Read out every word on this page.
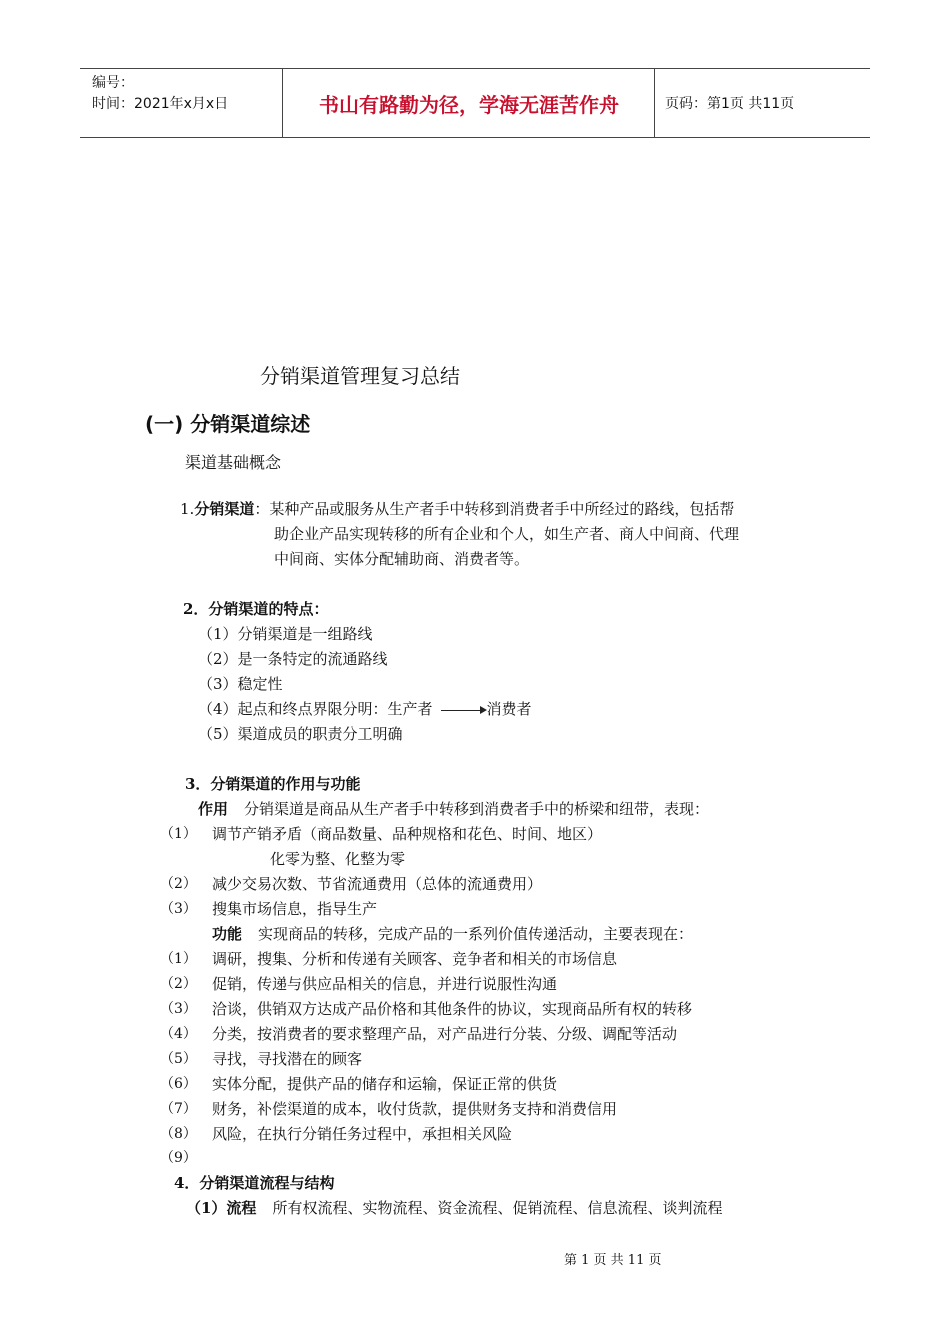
编号：
时间：2021年x月x日	书山有路勤为径，学海无涯苦作舟	页码：第1页 共11页
分销渠道管理复习总结
(一) 分销渠道综述
渠道基础概念
1.分销渠道：某种产品或服务从生产者手中转移到消费者手中所经过的路线，包括帮
助企业产品实现转移的所有企业和个人，如生产者、商人中间商、代理
中间商、实体分配辅助商、消费者等。
2．分销渠道的特点：
（1）分销渠道是一组路线
（2）是一条特定的流通路线
（3）稳定性
（4）起点和终点界限分明：生产者	消费者
（5）渠道成员的职责分工明确
3．分销渠道的作用与功能
作用 分销渠道是商品从生产者手中转移到消费者手中的桥梁和纽带，表现：
（1） 调节产销矛盾（商品数量、品种规格和花色、时间、地区）
化零为整、化整为零
（2） 减少交易次数、节省流通费用（总体的流通费用）
（3） 搜集市场信息，指导生产
功能 实现商品的转移，完成产品的一系列价值传递活动，主要表现在：
（1） 调研，搜集、分析和传递有关顾客、竞争者和相关的市场信息
（2） 促销，传递与供应品相关的信息，并进行说服性沟通
（3） 洽谈，供销双方达成产品价格和其他条件的协议，实现商品所有权的转移
（4） 分类，按消费者的要求整理产品，对产品进行分装、分级、调配等活动
（5） 寻找，寻找潜在的顾客
（6） 实体分配，提供产品的储存和运输，保证正常的供货
（7） 财务，补偿渠道的成本，收付货款，提供财务支持和消费信用
（8） 风险，在执行分销任务过程中，承担相关风险
（9）
4．分销渠道流程与结构
（1）流程 所有权流程、实物流程、资金流程、促销流程、信息流程、谈判流程
第 1 页 共 11 页
